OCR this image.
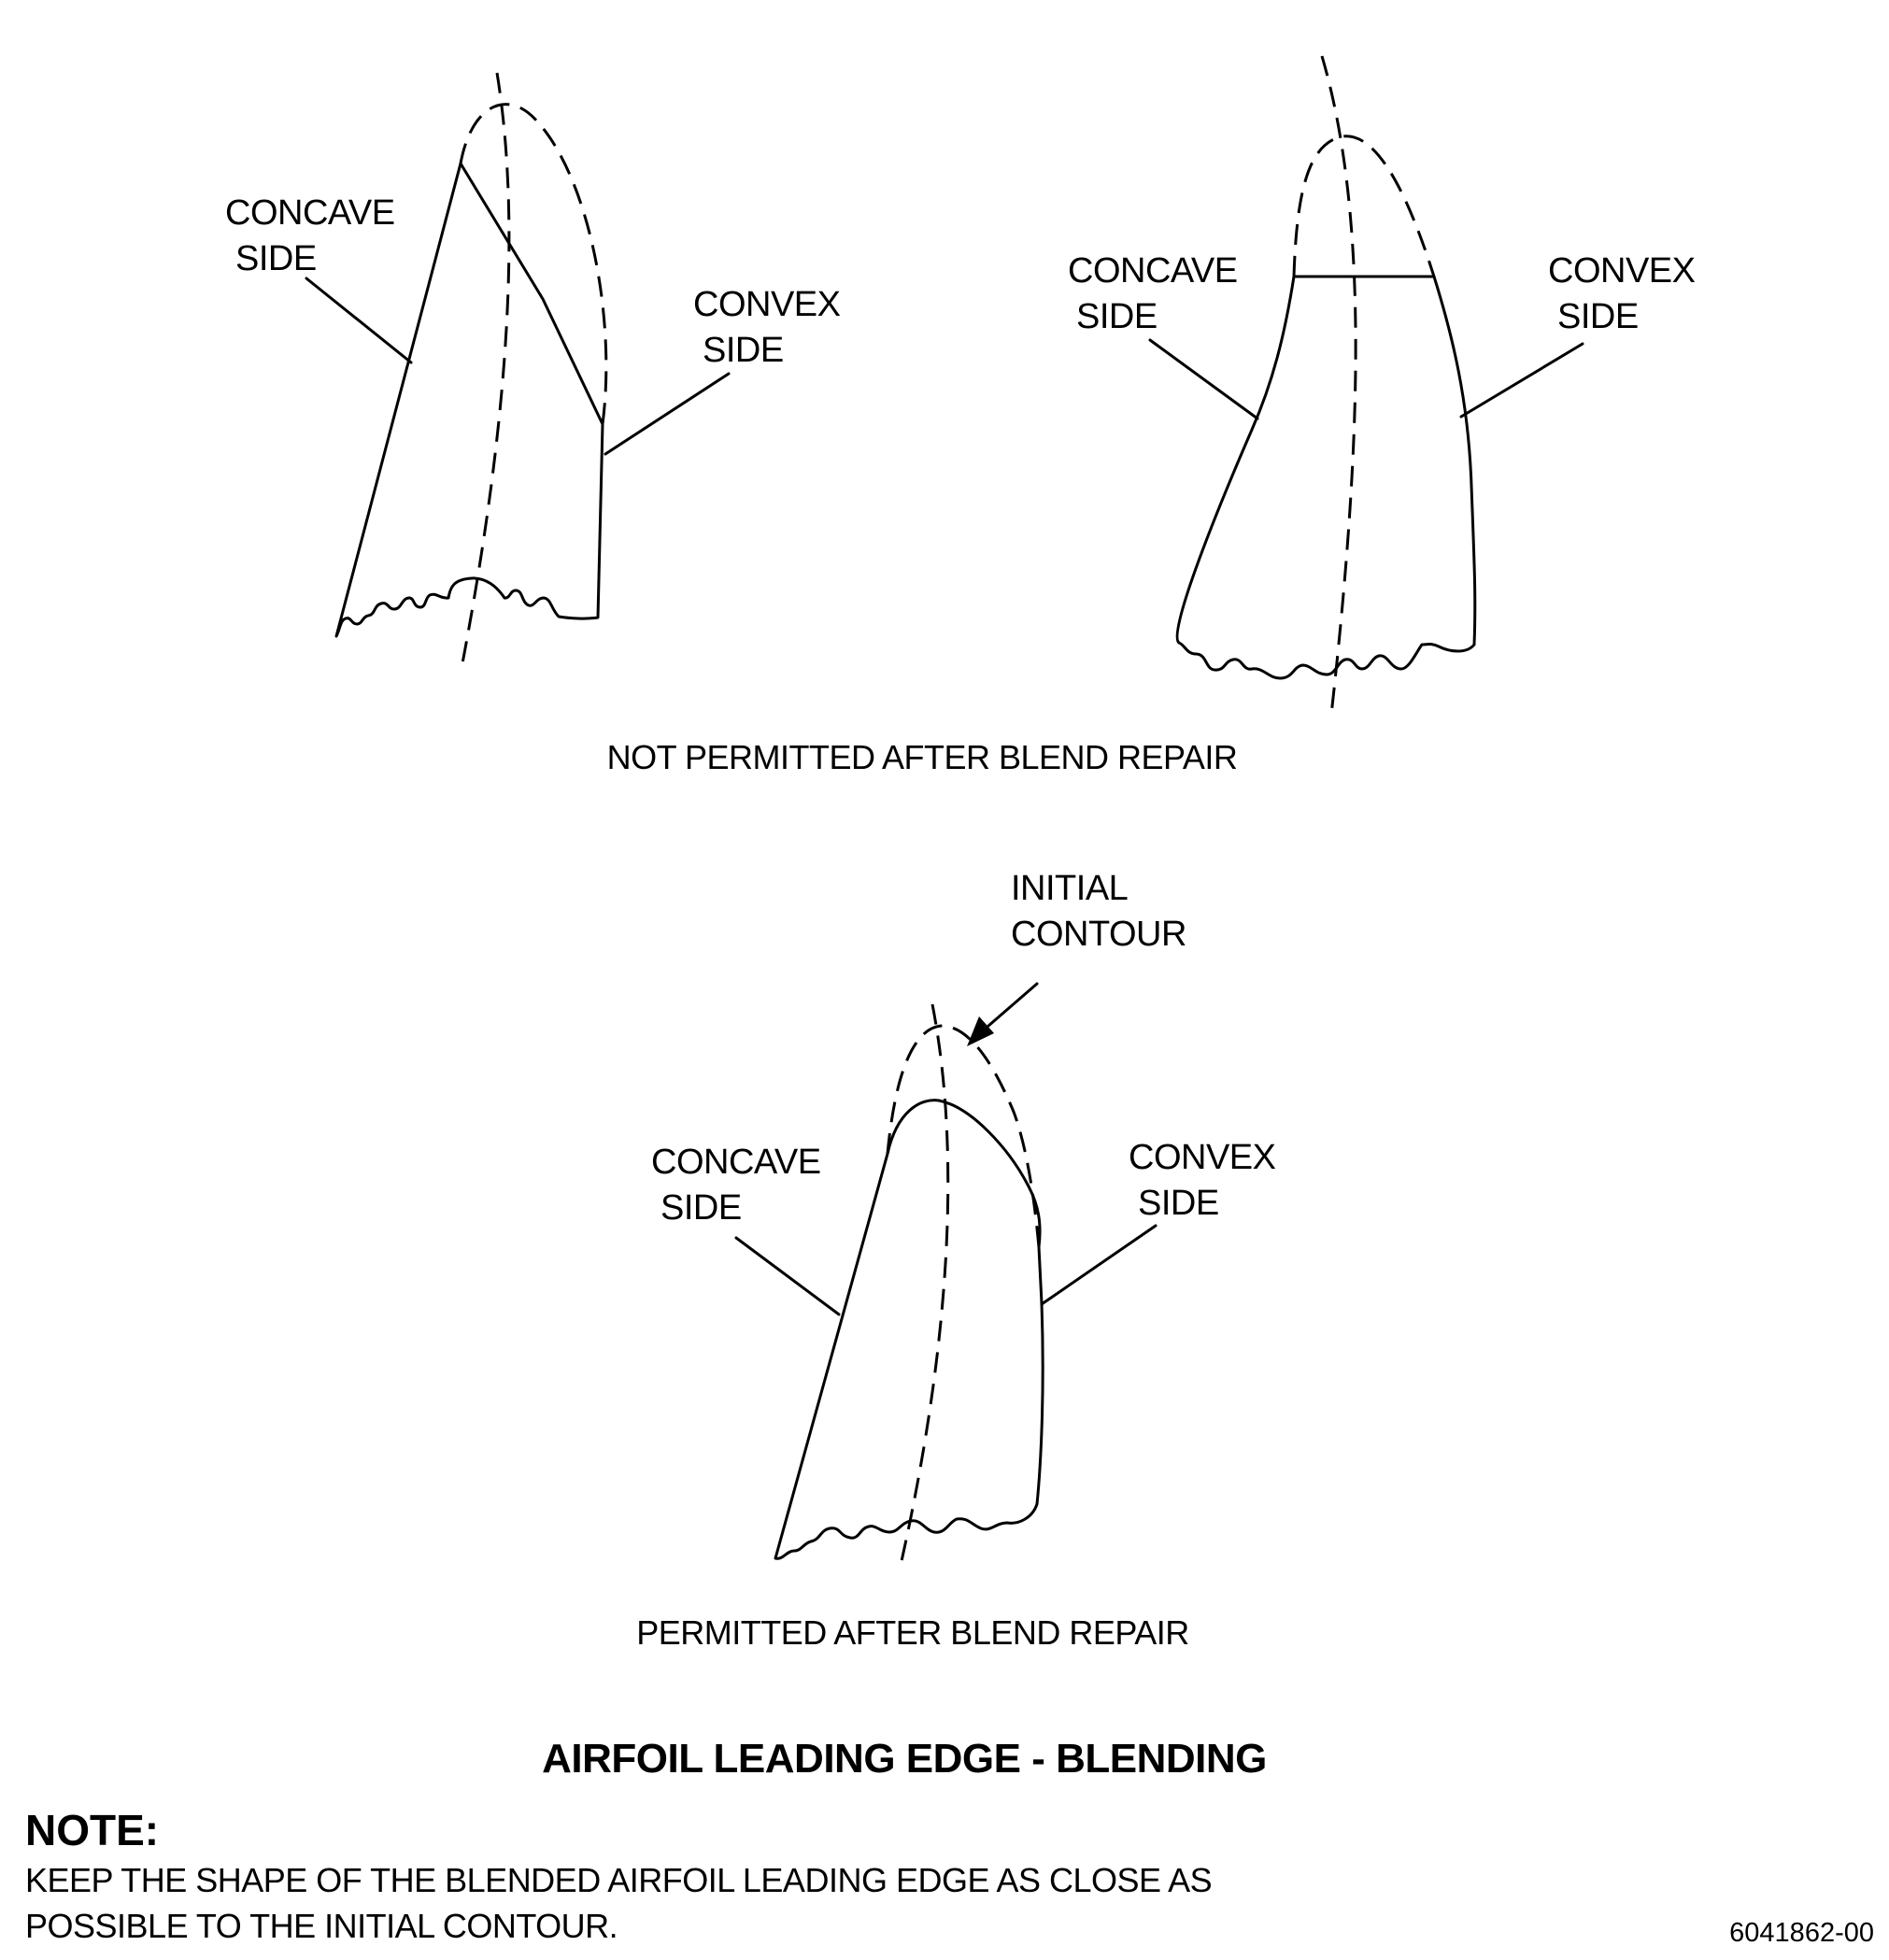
CONCAVE
SIDE
CONVEX
SIDE
CONCAVE
SIDE
CONVEX
SIDE
NOT PERMITTED AFTER BLEND REPAIR
INITIAL
CONTOUR
CONCAVE
SIDE
CONVEX
SIDE
PERMITTED AFTER BLEND REPAIR
AIRFOIL LEADING EDGE - BLENDING
NOTE:
KEEP THE SHAPE OF THE BLENDED AIRFOIL LEADING EDGE AS CLOSE AS
POSSIBLE TO THE INITIAL CONTOUR.	6041862-00
